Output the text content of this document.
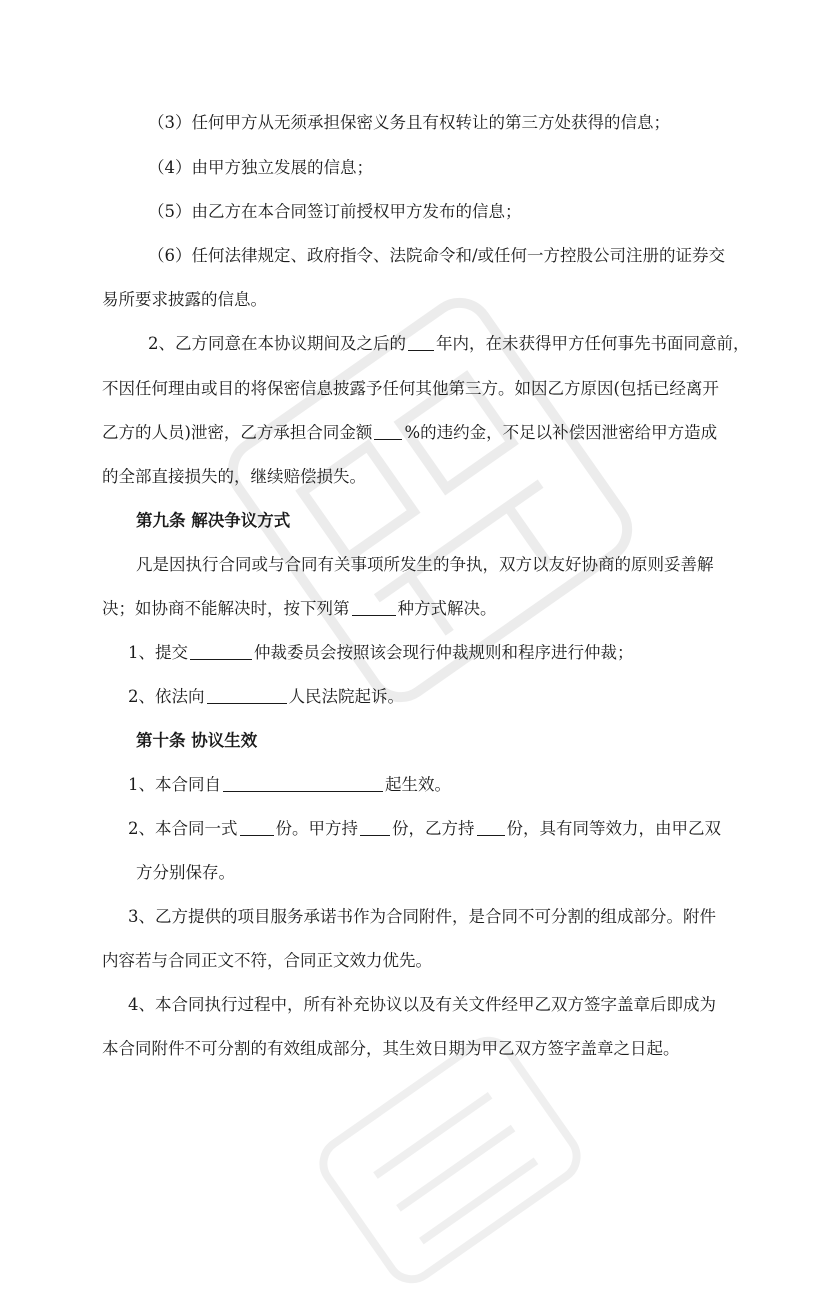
（3）任何甲方从无须承担保密义务且有权转让的第三方处获得的信息；
（4）由甲方独立发展的信息；
（5）由乙方在本合同签订前授权甲方发布的信息；
（6）任何法律规定、政府指令、法院命令和/或任何一方控股公司注册的证券交
易所要求披露的信息。
2、乙方同意在本协议期间及之后的 年内，在未获得甲方任何事先书面同意前，
不因任何理由或目的将保密信息披露予任何其他第三方。如因乙方原因(包括已经离开
乙方的人员)泄密，乙方承担合同金额 %的违约金，不足以补偿因泄密给甲方造成
的全部直接损失的，继续赔偿损失。
第九条 解决争议方式
凡是因执行合同或与合同有关事项所发生的争执，双方以友好协商的原则妥善解
决；如协商不能解决时，按下列第	种方式解决。
1、提交	仲裁委员会按照该会现行仲裁规则和程序进行仲裁；
2、依法向	人民法院起诉。
第十条 协议生效
1、本合同自	起生效。
2、本合同一式 份。甲方持 份，乙方持 份，具有同等效力，由甲乙双
方分别保存。
3、乙方提供的项目服务承诺书作为合同附件，是合同不可分割的组成部分。附件
内容若与合同正文不符，合同正文效力优先。
4、本合同执行过程中，所有补充协议以及有关文件经甲乙双方签字盖章后即成为
本合同附件不可分割的有效组成部分，其生效日期为甲乙双方签字盖章之日起。
